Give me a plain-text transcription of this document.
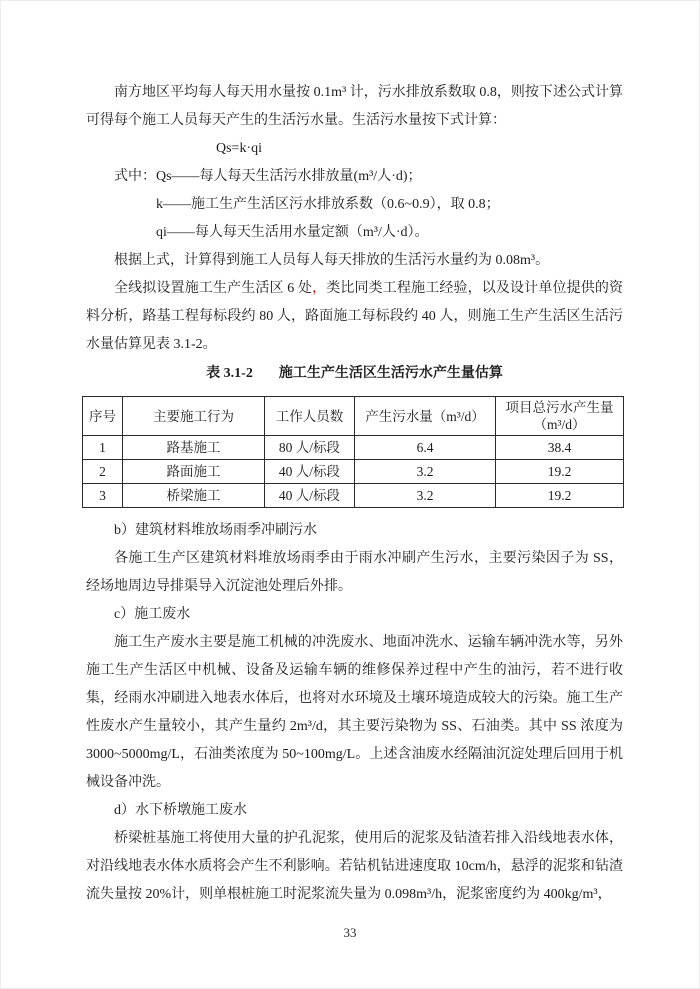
南方地区平均每人每天用水量按 0.1m³ 计，污水排放系数取 0.8，则按下述公式计算可得每个施工人员每天产生的生活污水量。生活污水量按下式计算：
Qs=k·qi
式中：Qs——每人每天生活污水排放量(m³/人·d)；
k——施工生产生活区污水排放系数（0.6~0.9），取 0.8；
qi——每人每天生活用水量定额（m³/人·d）。
根据上式，计算得到施工人员每人每天排放的生活污水量约为 0.08m³。
全线拟设置施工生产生活区 6 处，类比同类工程施工经验，以及设计单位提供的资料分析，路基工程每标段约 80 人，路面施工每标段约 40 人，则施工生产生活区生活污水量估算见表 3.1-2。
表 3.1-2 施工生产生活区生活污水产生量估算
序号	主要施工行为	工作人员数	产生污水量（m³/d）	项目总污水产生量（m³/d）
1	路基施工	80 人/标段	6.4	38.4
2	路面施工	40 人/标段	3.2	19.2
3	桥梁施工	40 人/标段	3.2	19.2
b）建筑材料堆放场雨季冲刷污水
各施工生产区建筑材料堆放场雨季由于雨水冲刷产生污水，主要污染因子为 SS，经场地周边导排渠导入沉淀池处理后外排。
c）施工废水
施工生产废水主要是施工机械的冲洗废水、地面冲洗水、运输车辆冲洗水等，另外施工生产生活区中机械、设备及运输车辆的维修保养过程中产生的油污，若不进行收集，经雨水冲刷进入地表水体后，也将对水环境及土壤环境造成较大的污染。施工生产性废水产生量较小，其产生量约 2m³/d，其主要污染物为 SS、石油类。其中 SS 浓度为 3000~5000mg/L，石油类浓度为 50~100mg/L。上述含油废水经隔油沉淀处理后回用于机械设备冲洗。
d）水下桥墩施工废水
桥梁桩基施工将使用大量的护孔泥浆，使用后的泥浆及钻渣若排入沿线地表水体，对沿线地表水体水质将会产生不利影响。若钻机钻进速度取 10cm/h，悬浮的泥浆和钻渣流失量按 20%计，则单根桩施工时泥浆流失量为 0.098m³/h，泥浆密度约为 400kg/m³，
33
